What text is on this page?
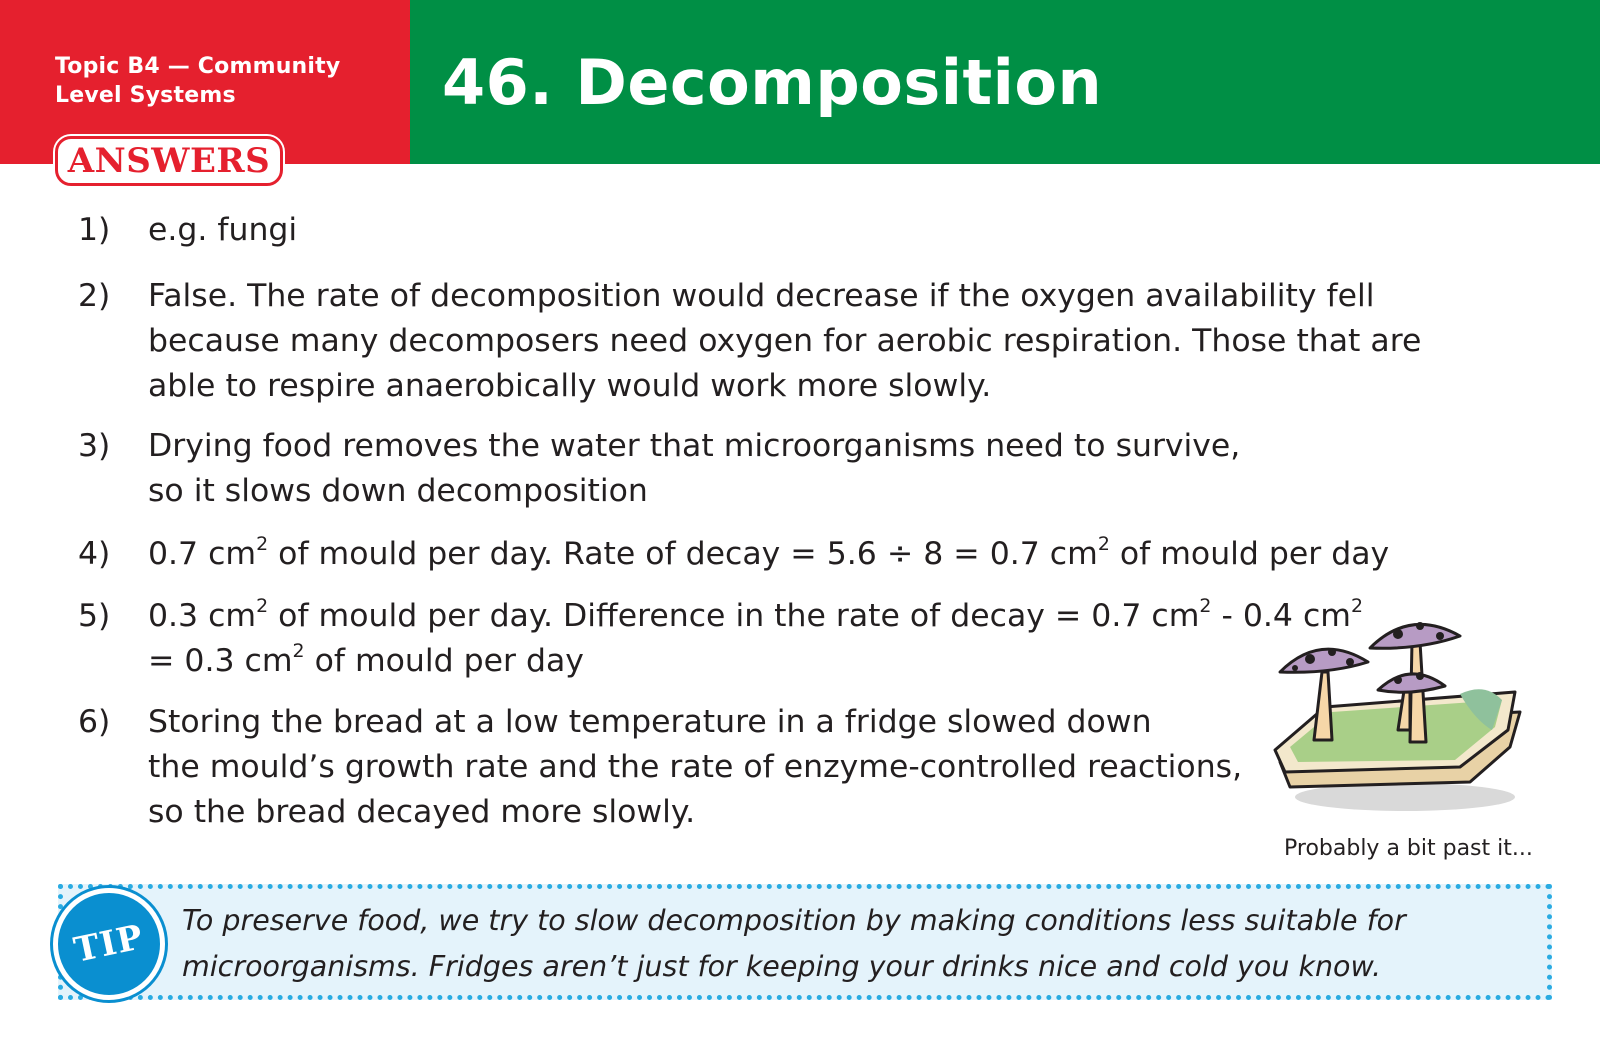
Topic B4 — Community Level Systems
ANSWERS
46. Decomposition
1)	e.g. fungi
2)	False. The rate of decomposition would decrease if the oxygen availability fell because many decomposers need oxygen for aerobic respiration. Those that are able to respire anaerobically would work more slowly.
3)	Drying food removes the water that microorganisms need to survive,
so it slows down decomposition
4)	0.7 $cm^2$ of mould per day. Rate of decay = 5.6 ÷ 8 = 0.7 $cm^2$ of mould per day
5)	0.3 $cm^2$ of mould per day. Difference in the rate of decay = 0.7 $cm^2 - 0.4$ $cm^2$
= 0.3 $cm^2$ of mould per day
6)	Storing the bread at a low temperature in a fridge slowed down
the mould’s growth rate and the rate of enzyme-controlled reactions,
so the bread decayed more slowly.
Probably a bit past it...
TIP To preserve food, we try to slow decomposition by making conditions less suitable for microorganisms. Fridges aren’t just for keeping your drinks nice and cold you know.
